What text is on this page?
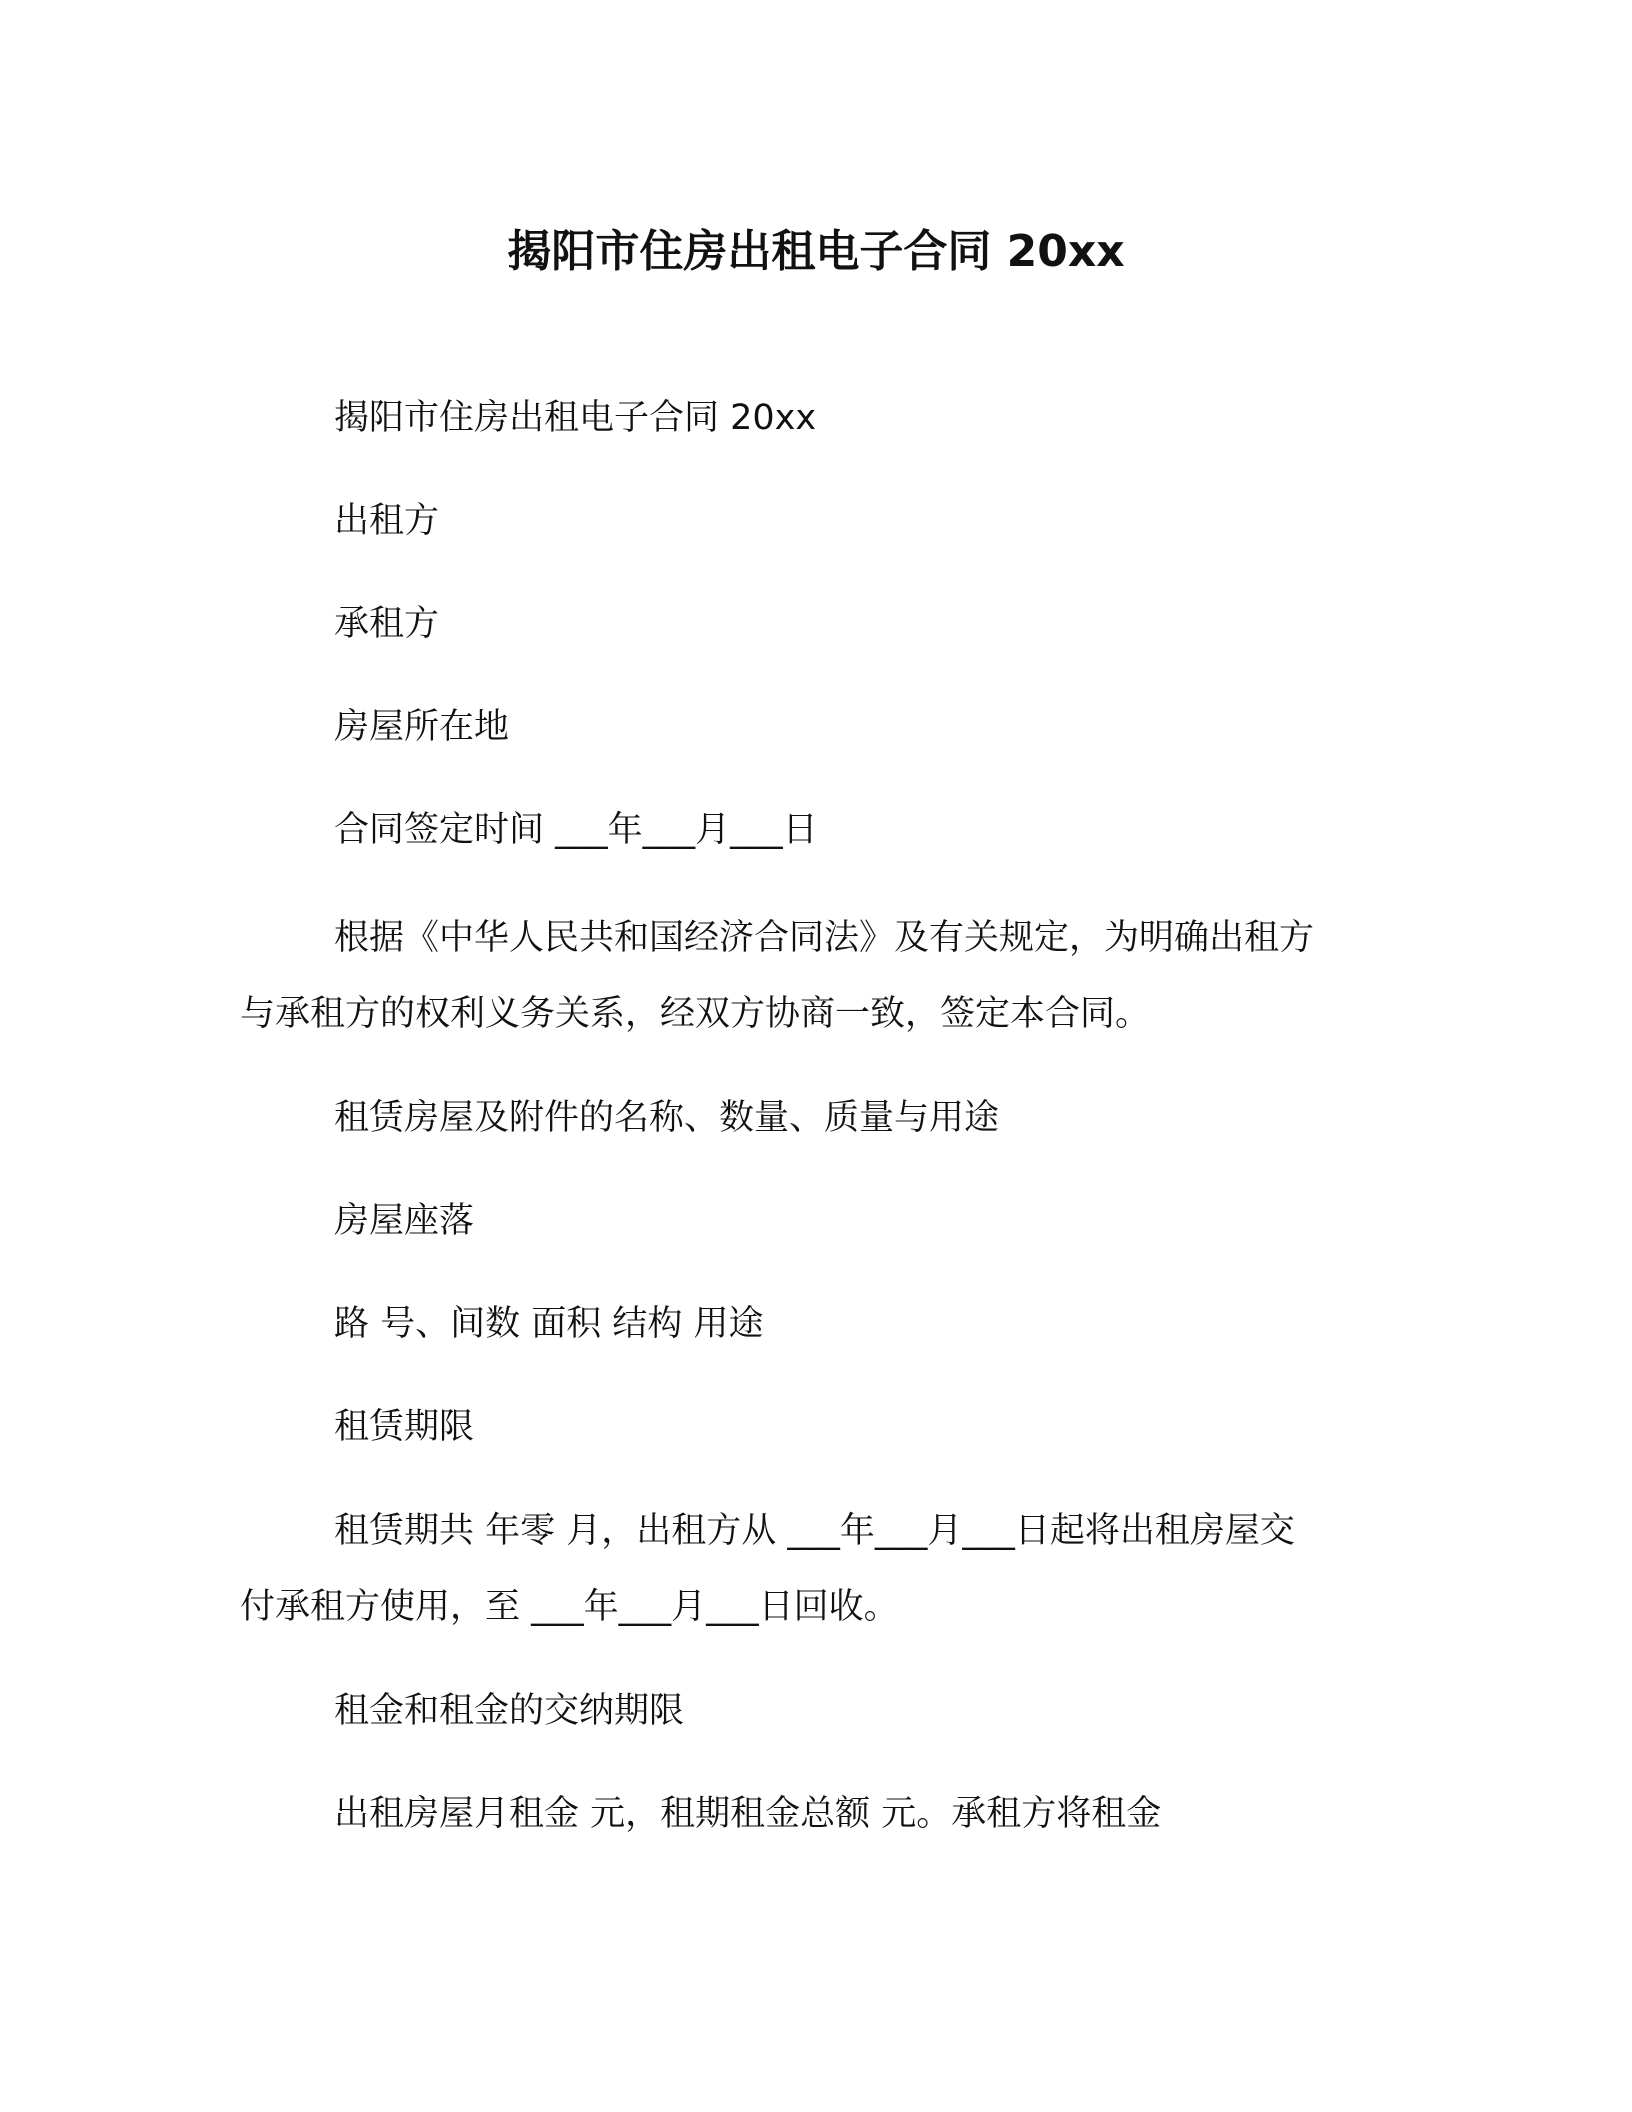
揭阳市住房出租电子合同 20xx
揭阳市住房出租电子合同 20xx
出租方
承租方
房屋所在地
合同签定时间 ___年___月___日
根据《中华人民共和国经济合同法》及有关规定，为明确出租方
与承租方的权利义务关系，经双方协商一致，签定本合同。
租赁房屋及附件的名称、数量、质量与用途
房屋座落
路 号、间数 面积 结构 用途
租赁期限
租赁期共 年零 月，出租方从 ___年___月___日起将出租房屋交
付承租方使用，至 ___年___月___日回收。
租金和租金的交纳期限
出租房屋月租金 元，租期租金总额 元。承租方将租金
